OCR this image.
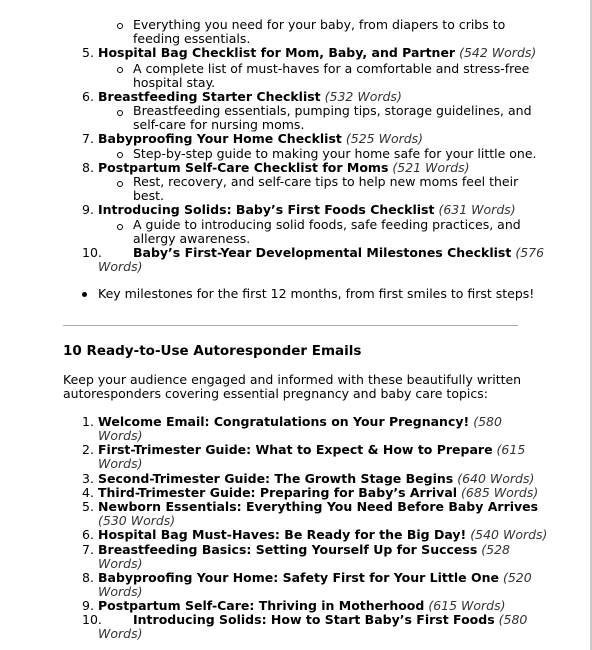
Everything you need for your baby, from diapers to cribs to
feeding essentials.
5. Hospital Bag Checklist for Mom, Baby, and Partner (542 Words)
A complete list of must-haves for a comfortable and stress-free
hospital stay.
6. Breastfeeding Starter Checklist (532 Words)
Breastfeeding essentials, pumping tips, storage guidelines, and
self-care for nursing moms.
7. Babyproofing Your Home Checklist (525 Words)
Step-by-step guide to making your home safe for your little one.
8. Postpartum Self-Care Checklist for Moms (521 Words)
Rest, recovery, and self-care tips to help new moms feel their
best.
9. Introducing Solids: Baby’s First Foods Checklist (631 Words)
A guide to introducing solid foods, safe feeding practices, and
allergy awareness.
10. Baby’s First-Year Developmental Milestones Checklist (576
Words)
Key milestones for the first 12 months, from first smiles to first steps!
10 Ready-to-Use Autoresponder Emails
Keep your audience engaged and informed with these beautifully written
autoresponders covering essential pregnancy and baby care topics:
1. Welcome Email: Congratulations on Your Pregnancy! (580
Words)
2. First-Trimester Guide: What to Expect & How to Prepare (615
Words)
3. Second-Trimester Guide: The Growth Stage Begins (640 Words)
4. Third-Trimester Guide: Preparing for Baby’s Arrival (685 Words)
5. Newborn Essentials: Everything You Need Before Baby Arrives
(530 Words)
6. Hospital Bag Must-Haves: Be Ready for the Big Day! (540 Words)
7. Breastfeeding Basics: Setting Yourself Up for Success (528
Words)
8. Babyproofing Your Home: Safety First for Your Little One (520
Words)
9. Postpartum Self-Care: Thriving in Motherhood (615 Words)
10. Introducing Solids: How to Start Baby’s First Foods (580
Words)
